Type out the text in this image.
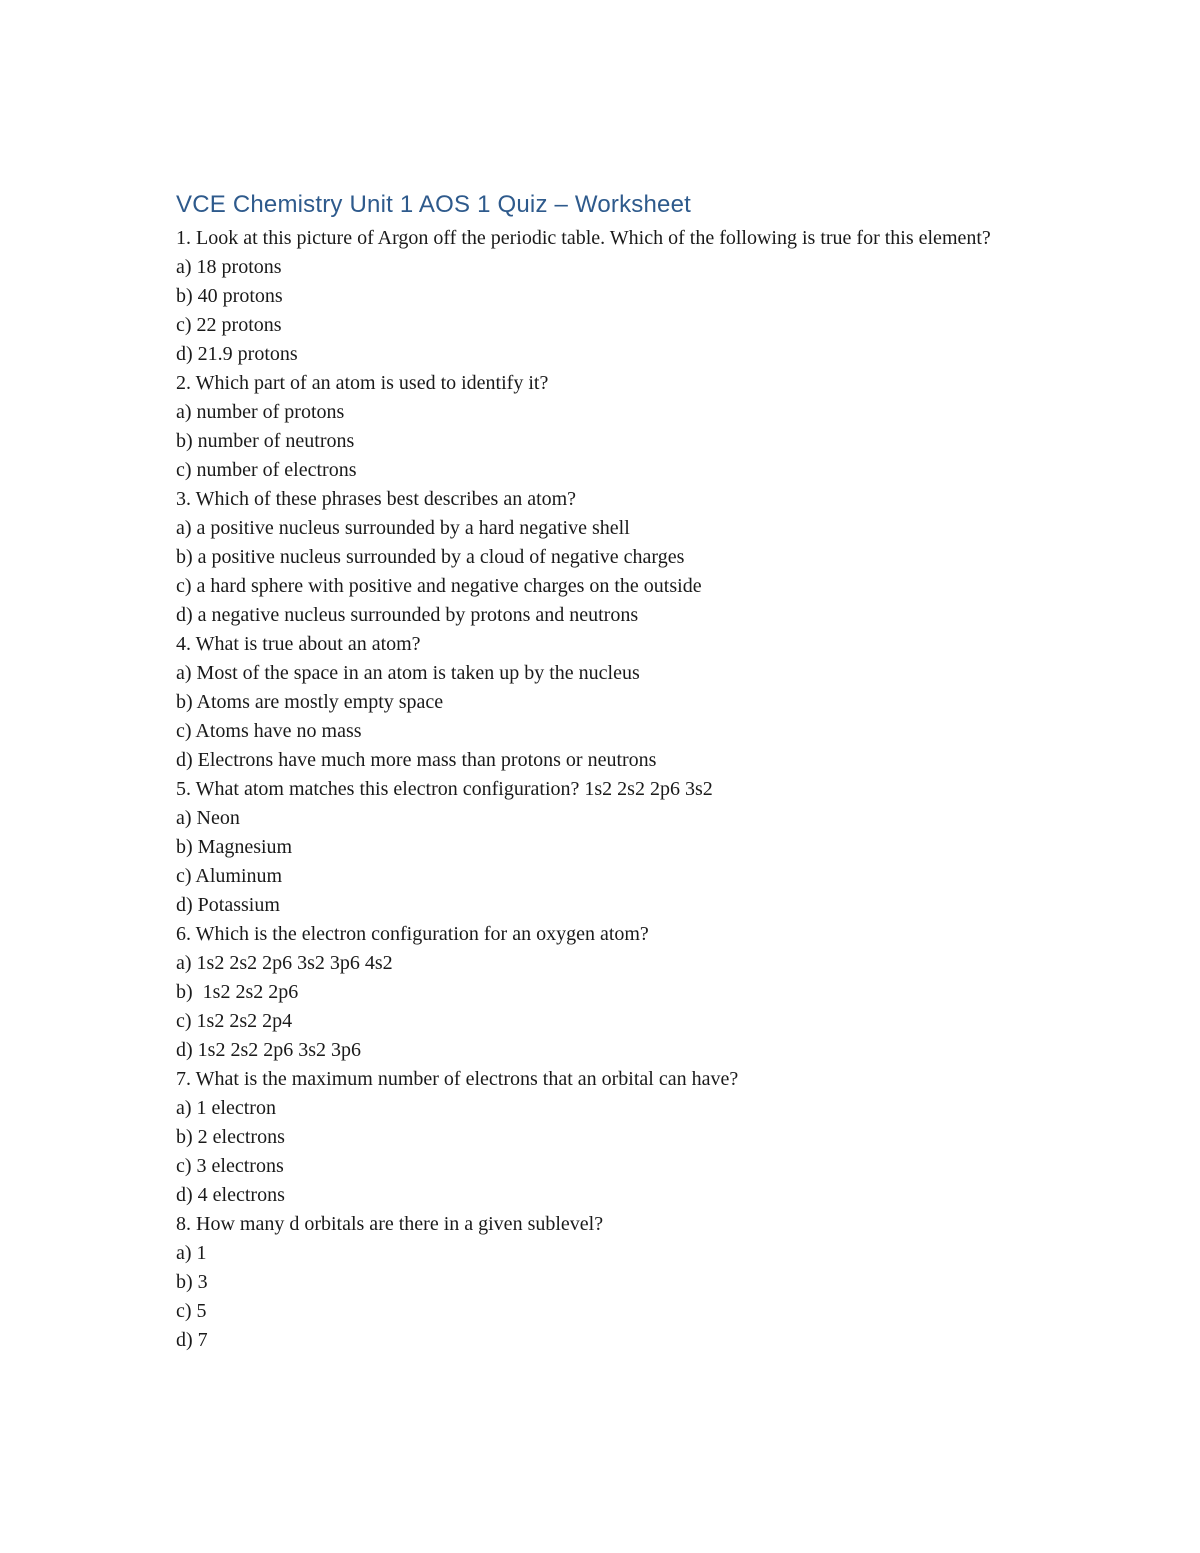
VCE Chemistry Unit 1 AOS 1 Quiz – Worksheet

1. Look at this picture of Argon off the periodic table. Which of the following is true for this element?

a) 18 protons

b) 40 protons

c) 22 protons

d) 21.9 protons

2. Which part of an atom is used to identify it?

a) number of protons

b) number of neutrons

c) number of electrons

3. Which of these phrases best describes an atom?

a) a positive nucleus surrounded by a hard negative shell

b) a positive nucleus surrounded by a cloud of negative charges

c) a hard sphere with positive and negative charges on the outside

d) a negative nucleus surrounded by protons and neutrons

4. What is true about an atom?

a) Most of the space in an atom is taken up by the nucleus

b) Atoms are mostly empty space

c) Atoms have no mass

d) Electrons have much more mass than protons or neutrons

5. What atom matches this electron configuration? 1s2 2s2 2p6 3s2

a) Neon

b) Magnesium

c) Aluminum

d) Potassium

6. Which is the electron configuration for an oxygen atom?

a) 1s2 2s2 2p6 3s2 3p6 4s2

b)  1s2 2s2 2p6

c) 1s2 2s2 2p4

d) 1s2 2s2 2p6 3s2 3p6

7. What is the maximum number of electrons that an orbital can have?

a) 1 electron

b) 2 electrons

c) 3 electrons

d) 4 electrons

8. How many d orbitals are there in a given sublevel?

a) 1

b) 3

c) 5

d) 7
